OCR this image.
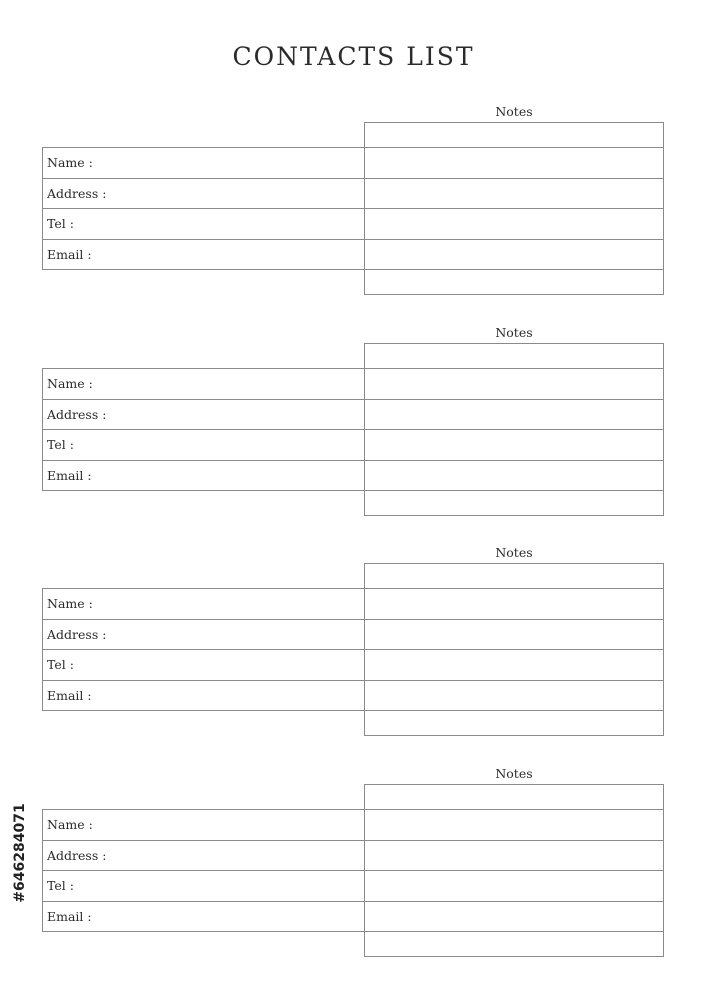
CONTACTS LIST
Notes
Name :
Address :
Tel :
Email :
Notes
Name :
Address :
Tel :
Email :
Notes
Name :
Address :
Tel :
Email :
Notes
Name :
Address :
Tel :
Email :
#646284071
